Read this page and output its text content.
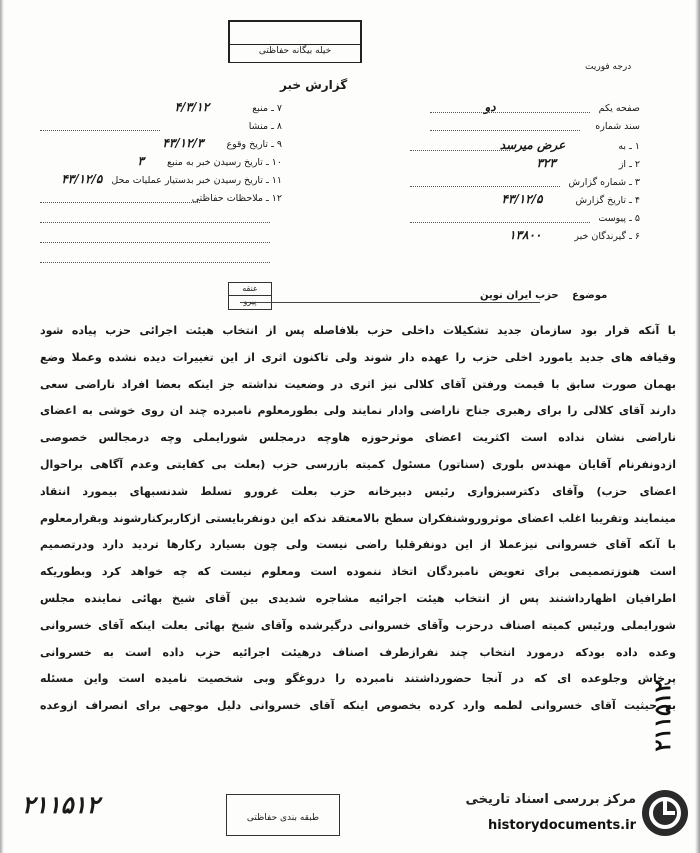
خیله بیگانه حفاظتی
درجه فوریت
گزارش خبر
صفحه یکم دو
سند شماره
۱ ـ به عرض میرسد
۲ ـ از ۳۲۳
۳ ـ شماره گزارش
۴ ـ تاریخ گزارش ۴۳/۱۲/۵
۵ ـ پیوست
۶ ـ گیرندگان خبر ۱۳۸۰۰
۷ ـ منبع ۴/۳/۱۲
۸ ـ منشا
۹ ـ تاریخ وقوع ۴۳/۱۲/۳
۱۰ ـ تاریخ رسیدن خبر به منبع ۳
۱۱ ـ تاریخ رسیدن خبر بدستیار عملیات محل ۴۳/۱۲/۵
۱۲ ـ ملاحظات حفاظتی
عنقه
پیرو
موضوع حزب ایران نوین
با آنکه قرار بود سازمان جدید تشکیلات داخلی حزب بلافاصله پس از انتخاب هیئت اجرائی حزب پیاده شود
وقیافه های جدید یامورد اخلی حزب را عهده دار شوند ولی تاکنون اثری از این تغییرات دیده نشده وعملا وضع
بهمان صورت سابق با قیمت ورفتن آقای کلالی نیز اثری در وضعیت نداشته جز اینکه بعضا افراد ناراضی سعی
دارند آقای کلالی را برای رهبری جناح ناراضی وادار نمایند ولی بطورمعلوم نامبرده چند ان روی خوشی به اعضای
ناراضی نشان نداده است اکثریت اعضای موثرحوزه هاوچه درمجلس شورایملی وچه درمجالس خصوصی
ازدونفرنام آقایان مهندس بلوری (سناتور) مسئول کمیته بازرسی حزب (بعلت بی کفایتی وعدم آگاهی براحوال
اعضای حزب) وآقای دکترسبزواری رئیس دبیرخانه حزب بعلت غرورو تسلط شدنسبهای بیمورد انتقاد
مینمایند وتقریبا اغلب اعضای موثروروشنفکران سطح بالامعتقد ندکه این دونفربایستی ازکاربرکنارشوند وبقرارمعلوم
با آنکه آقای خسروانی نیزعملا از این دونفرقلبا راضی نیست ولی چون بسیارد رکارها تردید دارد ودرتصمیم
است هنوزتصمیمی برای تعویض نامبردگان اتخاذ ننموده است ومعلوم نیست که چه خواهد کرد وبطوریکه
اطرافیان اظهارداشتند پس از انتخاب هیئت اجرائیه مشاجره شدیدی بین آقای شیخ بهائی نماینده مجلس
شورایملی ورئیس کمیته اصناف درحزب وآقای خسروانی درگیرشده وآقای شیخ بهائی بعلت اینکه آقای خسروانی
وعده داده بودکه درمورد انتخاب چند نفرازطرف اصناف درهیئت اجرائیه حزب داده است به خسروانی
پرخاش وجلوعده ای که در آنجا حضورداشتند نامبرده را دروغگو وبی شخصیت نامیده است واین مسئله
به حیثیت آقای خسروانی لطمه وارد کرده بخصوص اینکه آقای خسروانی دلیل موجهی برای انصراف ازوعده
۲۱۱۵۱۲
۲۱۱۵۱۲	طبقه بندی حفاظتی
مرکز بررسی اسناد تاریخی
historydocuments.ir
